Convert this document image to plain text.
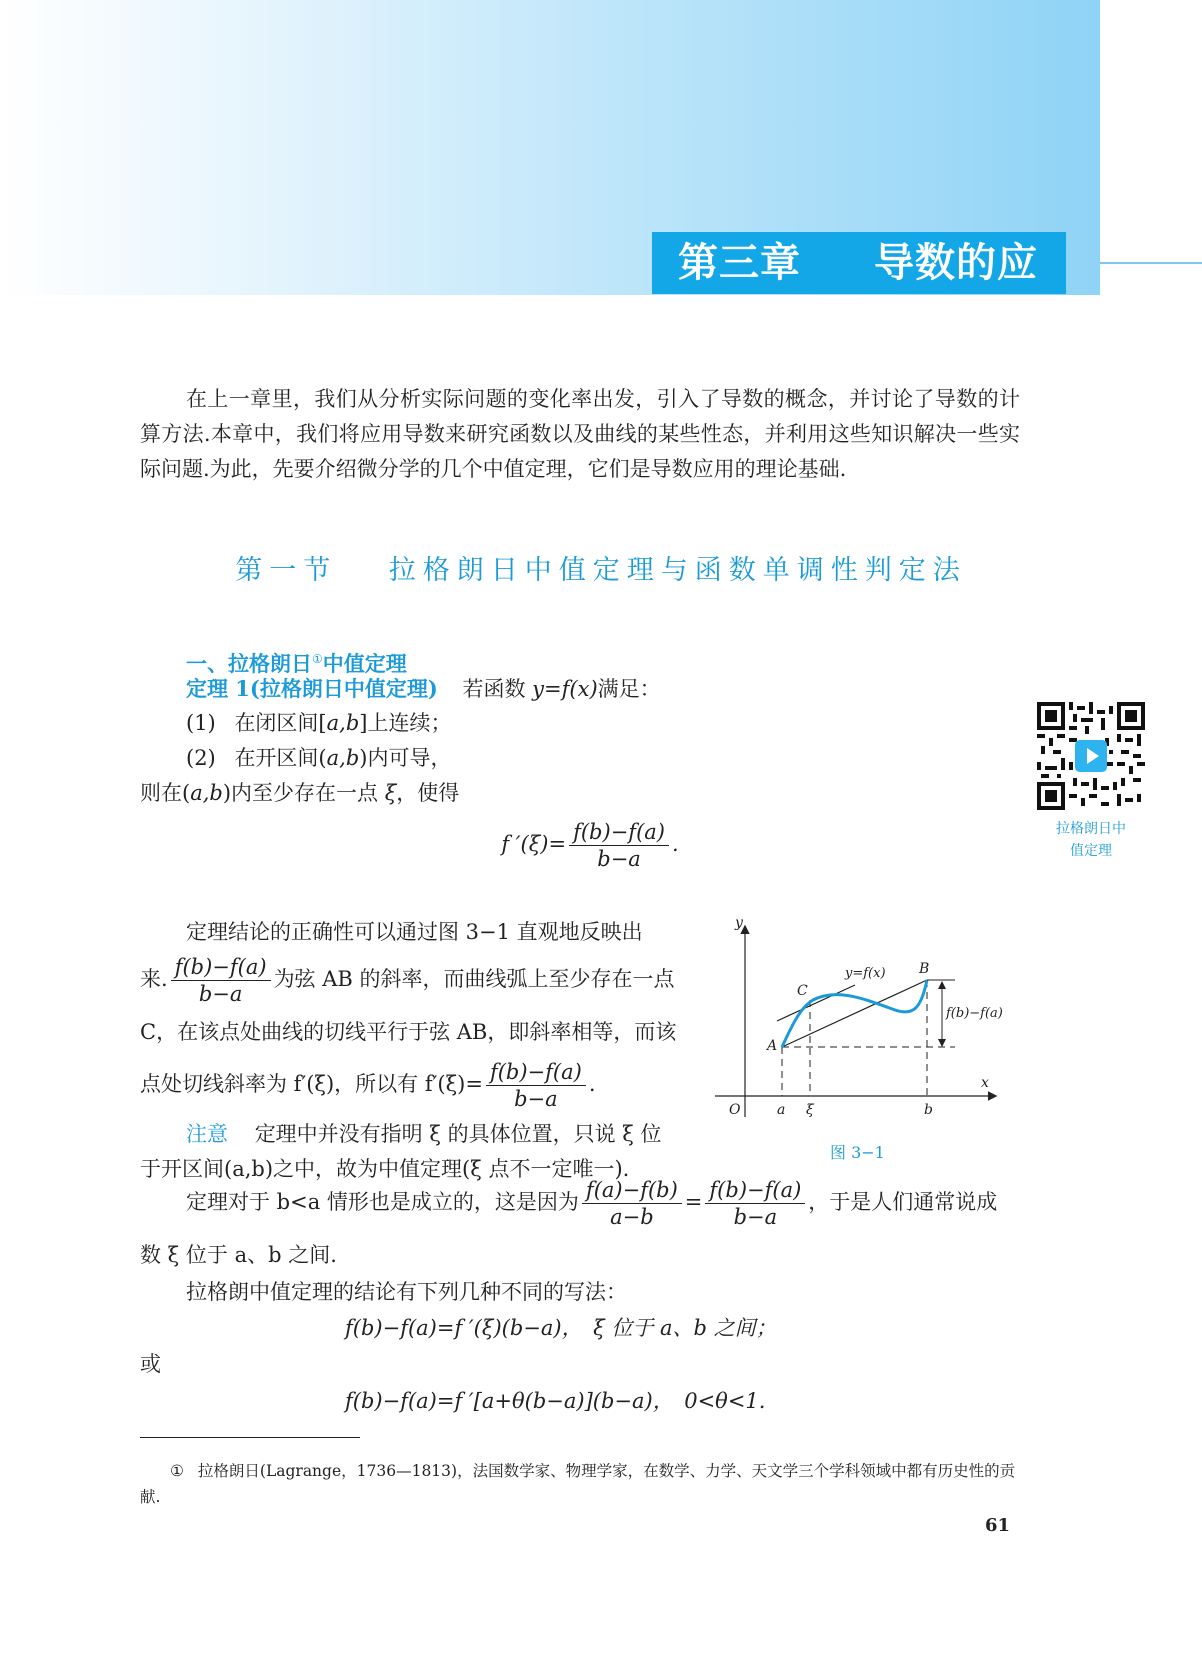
第三章 导数的应用

在上一章里，我们从分析实际问题的变化率出发，引入了导数的概念，并讨论了导数的计算方法.本章中，我们将应用导数来研究函数以及曲线的某些性态，并利用这些知识解决一些实际问题.为此，先要介绍微分学的几个中值定理，它们是导数应用的理论基础.

第一节 拉格朗日中值定理与函数单调性判定法
一、拉格朗日①中值定理
定理 1(拉格朗日中值定理) 若函数 y=f(x)满足：
(1) 在闭区间[a,b]上连续；
(2) 在开区间(a,b)内可导，
则在(a,b)内至少存在一点 ξ，使得
f $'(\xi)= \frac{f(b)-f(a)}{b-a}$ .
拉格朗日中
值定理
定理结论的正确性可以通过图 3−1 直观地反映出
来. $\frac{f(b)-f(a)}{b-a}$ 为弦 AB 的斜率，而曲线弧上至少存在一点
C，在该点处曲线的切线平行于弦 AB，即斜率相等，而该
点处切线斜率为 f′(ξ)，所以有 $f'(\xi)= \frac{f(b)-f(a)}{b-a}$ .
注意 定理中并没有指明 ξ 的具体位置，只说 ξ 位
于开区间(a,b)之中，故为中值定理(ξ 点不一定唯一).
y
x
O	a ξ	b
A
B
C
y=f(x)
f(b)−f(a)
图 3−1
定理对于 b<a 情形也是成立的，这是因为 $\frac{f(a)-f(b)}{a-b} = \frac{f(b)-f(a)}{b-a}$ ，于是人们通常说成
数 ξ 位于 a、b 之间.
拉格朗中值定理的结论有下列几种不同的写法：
f(b)−f(a)=f ′(ξ)(b−a)，　ξ 位于 a、b 之间；
或
f(b)−f(a)=f ′[a+θ(b−a)](b−a)，　0<θ<1.
① 拉格朗日(Lagrange，1736—1813)，法国数学家、物理学家，在数学、力学、天文学三个学科领域中都有历史性的贡献.
61
